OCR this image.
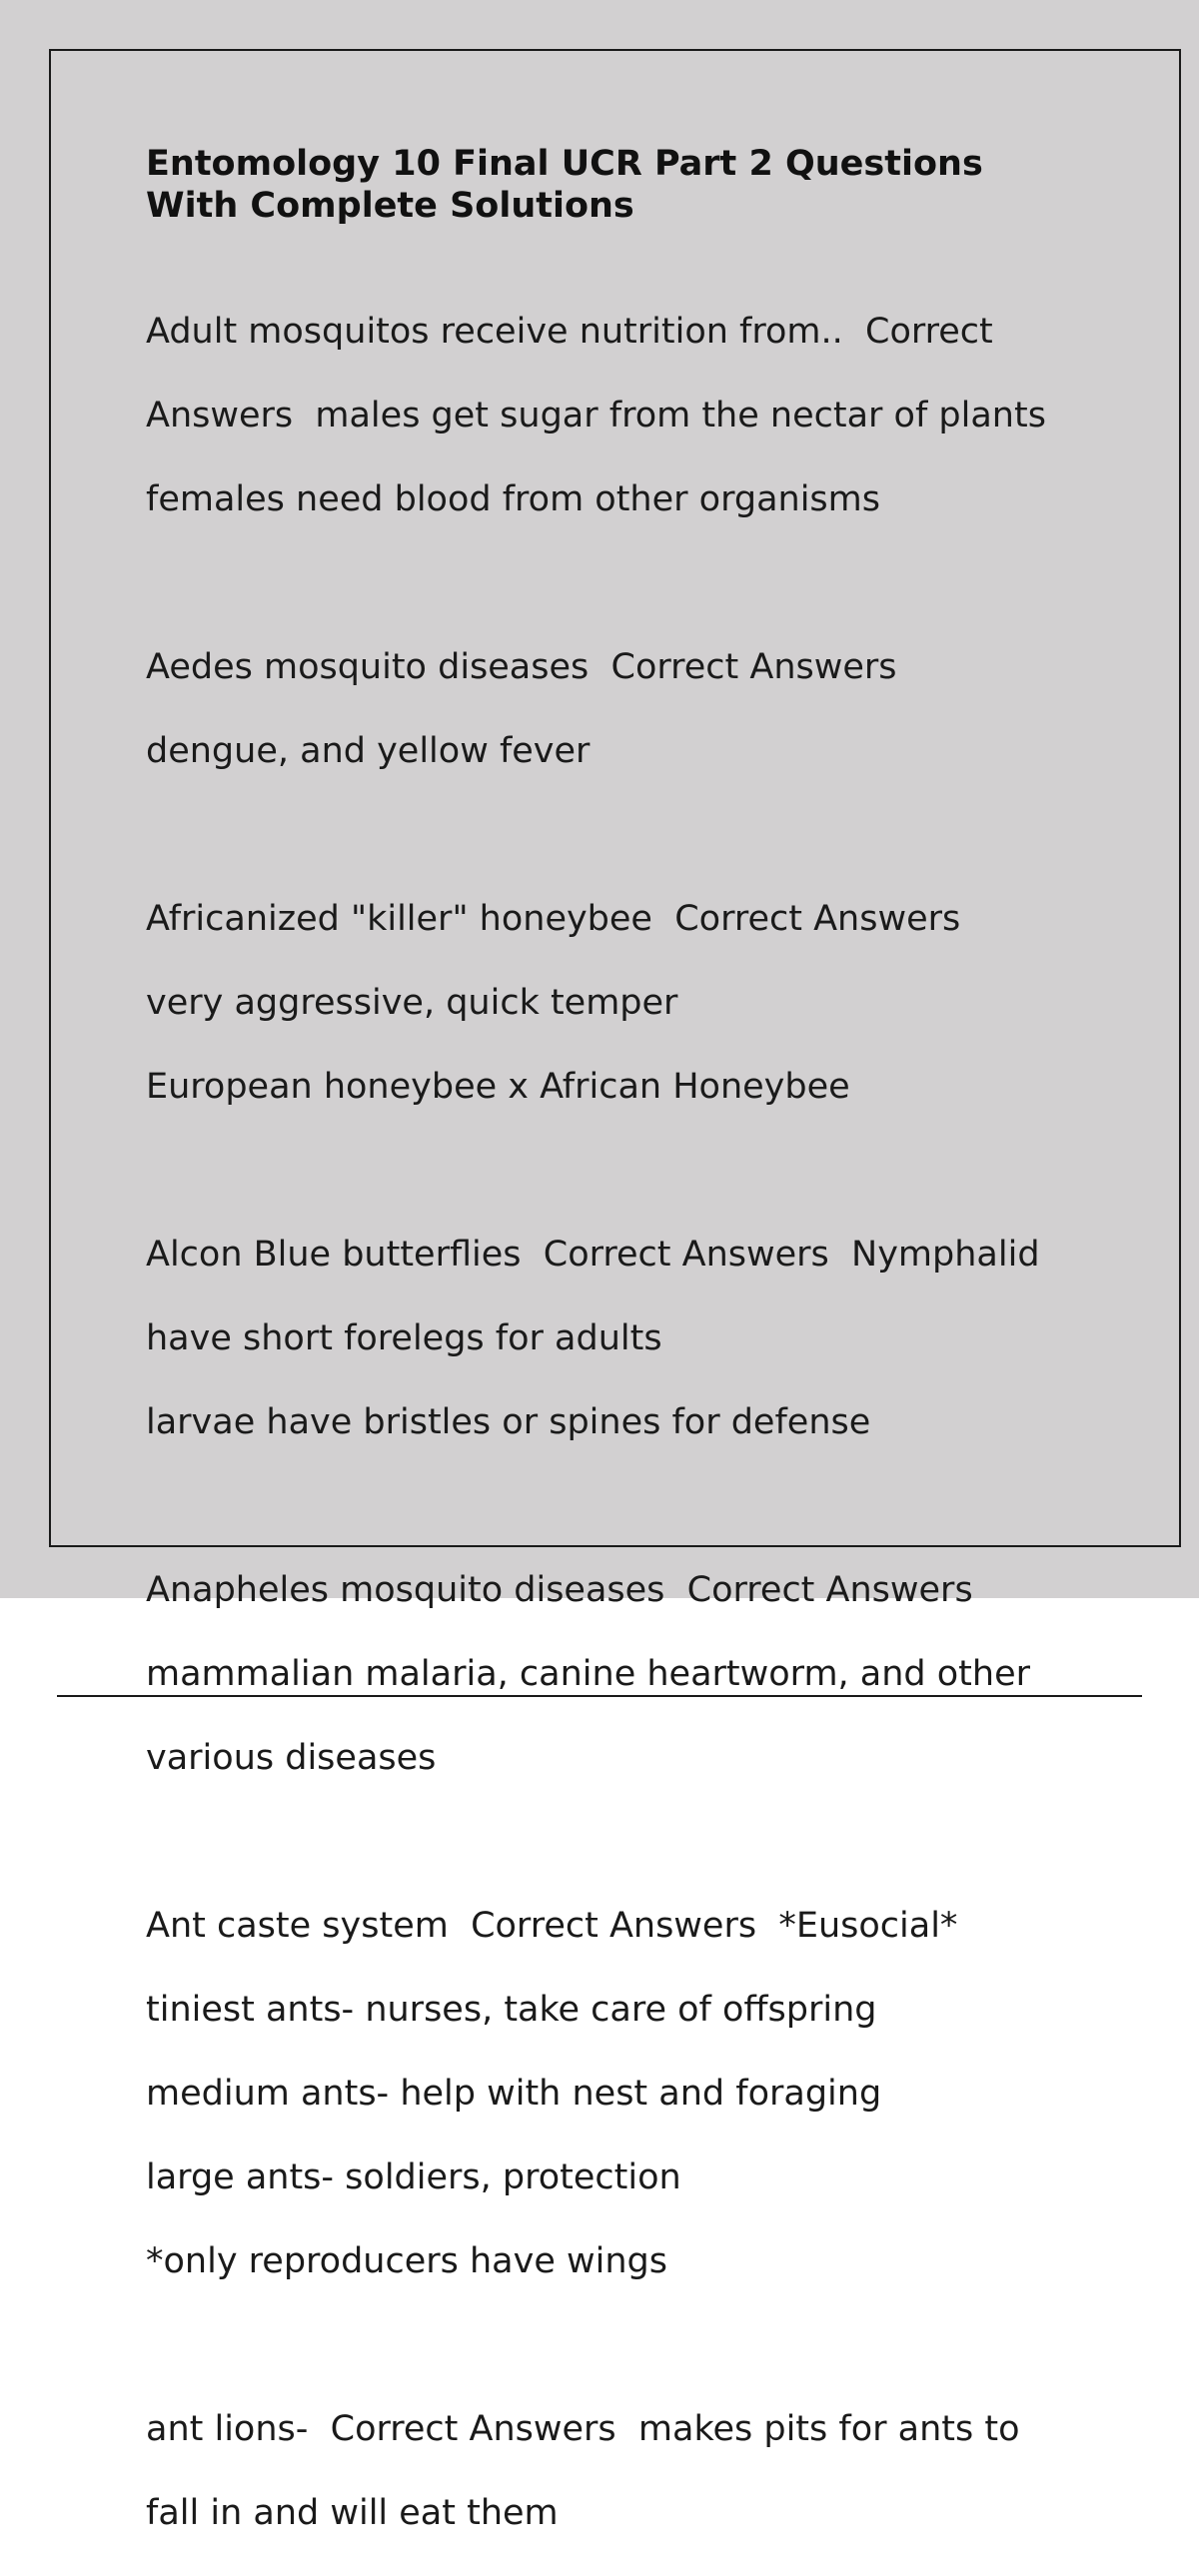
Entomology 10 Final UCR Part 2 Questions With Complete Solutions

Adult mosquitos receive nutrition from..  Correct

Answers  males get sugar from the nectar of plants

females need blood from other organisms

Aedes mosquito diseases  Correct Answers

dengue, and yellow fever

Africanized "killer" honeybee  Correct Answers

very aggressive, quick temper

European honeybee x African Honeybee

Alcon Blue butterflies  Correct Answers  Nymphalid

have short forelegs for adults

larvae have bristles or spines for defense

Anapheles mosquito diseases  Correct Answers

mammalian malaria, canine heartworm, and other

various diseases

Ant caste system  Correct Answers  *Eusocial*

tiniest ants- nurses, take care of offspring

medium ants- help with nest and foraging

large ants- soldiers, protection

*only reproducers have wings

ant lions-  Correct Answers  makes pits for ants to

fall in and will eat them
